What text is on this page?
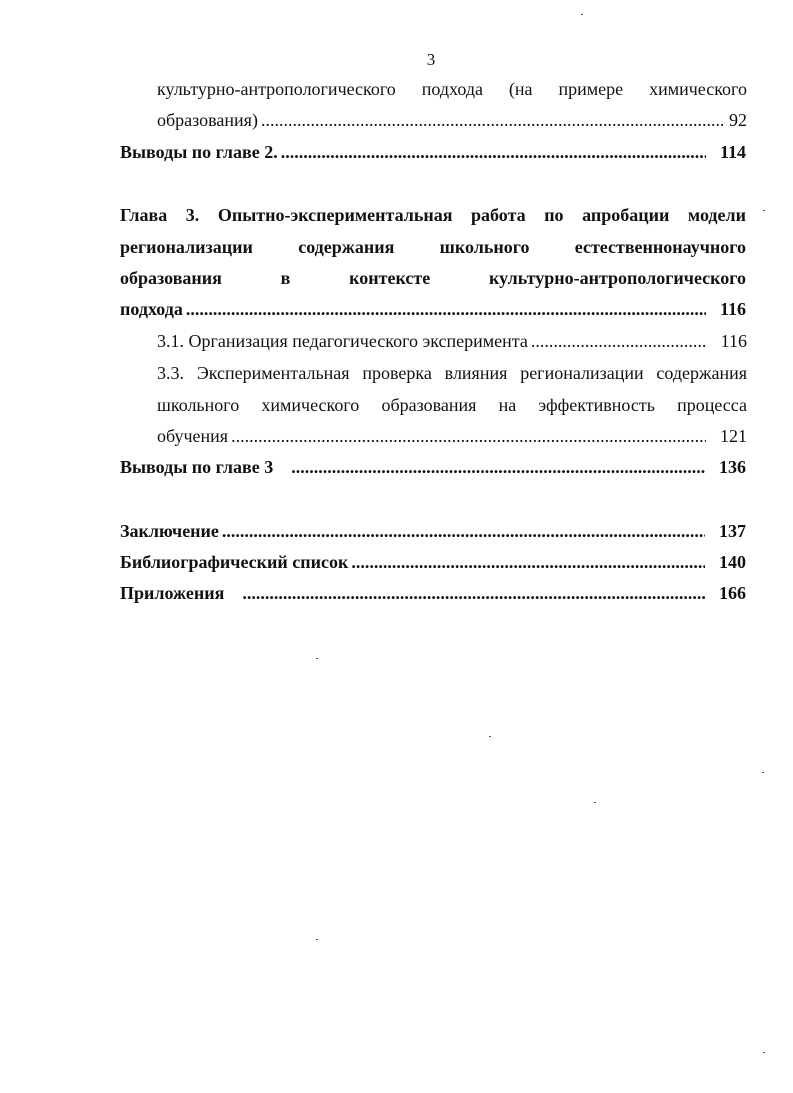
3
культурно-антропологического подхода (на примере химического
образования) .....	92
Выводы по главе 2. .....	114
Глава 3. Опытно-экспериментальная работа по апробации модели
регионализации содержания школьного естественнонаучного
образования в контексте культурно-антропологического
подхода .....	116
3.1. Организация педагогического эксперимента .....	116
3.3. Экспериментальная проверка влияния регионализации содержания
школьного химического образования на эффективность процесса
обучения .....	121
Выводы по главе 3 .....	136
Заключение .....	137
Библиографический список .....	140
Приложения .....	166
